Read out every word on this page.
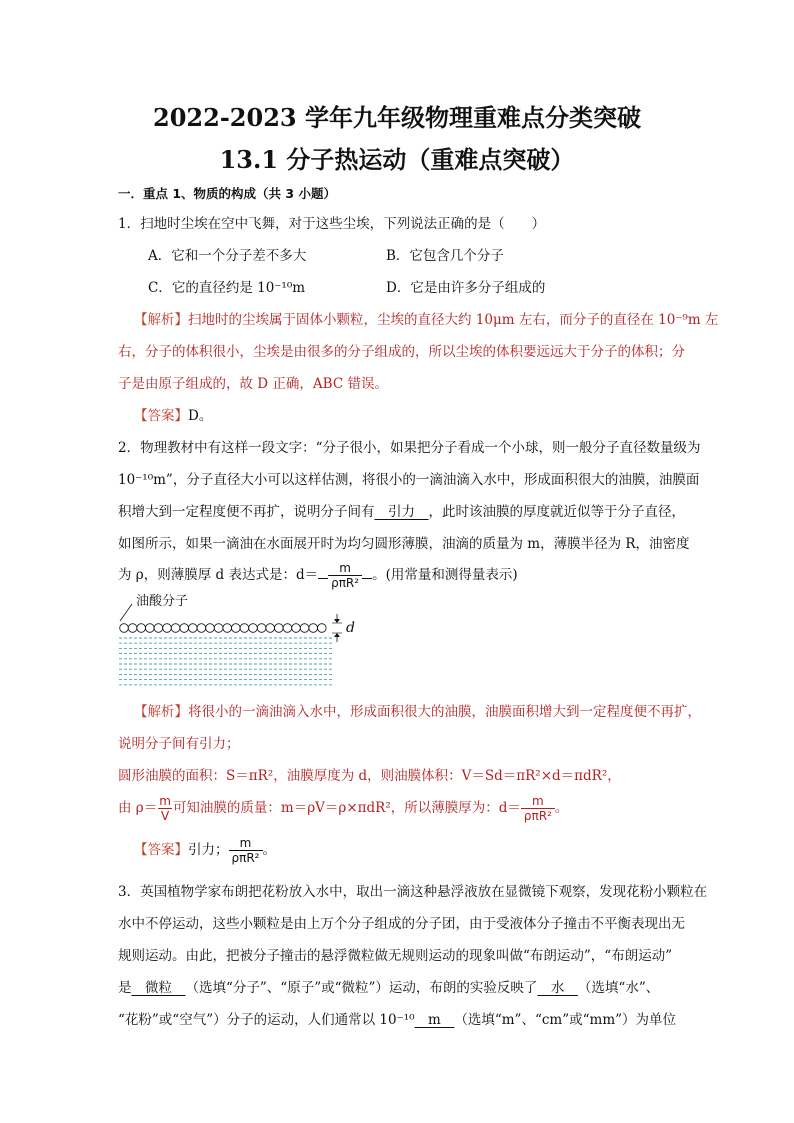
2022-2023 学年九年级物理重难点分类突破
13.1 分子热运动（重难点突破）
一．重点 1、物质的构成（共 3 小题）
1．扫地时尘埃在空中飞舞，对于这些尘埃，下列说法正确的是（　　）
A．它和一个分子差不多大	B．它包含几个分子
C．它的直径约是 10⁻¹⁰m	D．它是由许多分子组成的
【解析】扫地时的尘埃属于固体小颗粒，尘埃的直径大约 10μm 左右，而分子的直径在 10⁻⁹m 左
右，分子的体积很小，尘埃是由很多的分子组成的，所以尘埃的体积要远远大于分子的体积；分
子是由原子组成的，故 D 正确，ABC 错误。
【答案】D。
2．物理教材中有这样一段文字：“分子很小，如果把分子看成一个小球，则一般分子直径数量级为
10⁻¹⁰m”，分子直径大小可以这样估测，将很小的一滴油滴入水中，形成面积很大的油膜，油膜面
积增大到一定程度便不再扩，说明分子间有　引力　，此时该油膜的厚度就近似等于分子直径，
如图所示，如果一滴油在水面展开时为均匀圆形薄膜，油滴的质量为 m，薄膜半径为 R，油密度
为 ρ，则薄膜厚 d 表达式是：$d= \frac{m}{\text{ρπR²}}$ 。(用常量和测得量表示)
油酸分子
d
【解析】将很小的一滴油滴入水中，形成面积很大的油膜，油膜面积增大到一定程度便不再扩，
说明分子间有引力；
圆形油膜的面积：S＝πR²，油膜厚度为 d，则油膜体积：V＝Sd＝πR²×d＝πdR²，
由 $\rho= \frac{m}{V}$ 可知油膜的质量：m＝ρV＝ρ×πdR²，所以薄膜厚为：$d= \frac{m}{\text{ρπR²}}$ 。
【答案】引力； $\frac{m}{\text{ρπR²}}$ 。
3．英国植物学家布朗把花粉放入水中，取出一滴这种悬浮液放在显微镜下观察，发现花粉小颗粒在
水中不停运动，这些小颗粒是由上万个分子组成的分子团，由于受液体分子撞击不平衡表现出无
规则运动。由此，把被分子撞击的悬浮微粒做无规则运动的现象叫做“布朗运动”，“布朗运动”
是　微粒　（选填“分子”、“原子”或“微粒”）运动，布朗的实验反映了　水　（选填“水”、
“花粉”或“空气”）分子的运动，人们通常以 10⁻¹⁰　m　（选填“m”、“cm”或“mm”）为单位
